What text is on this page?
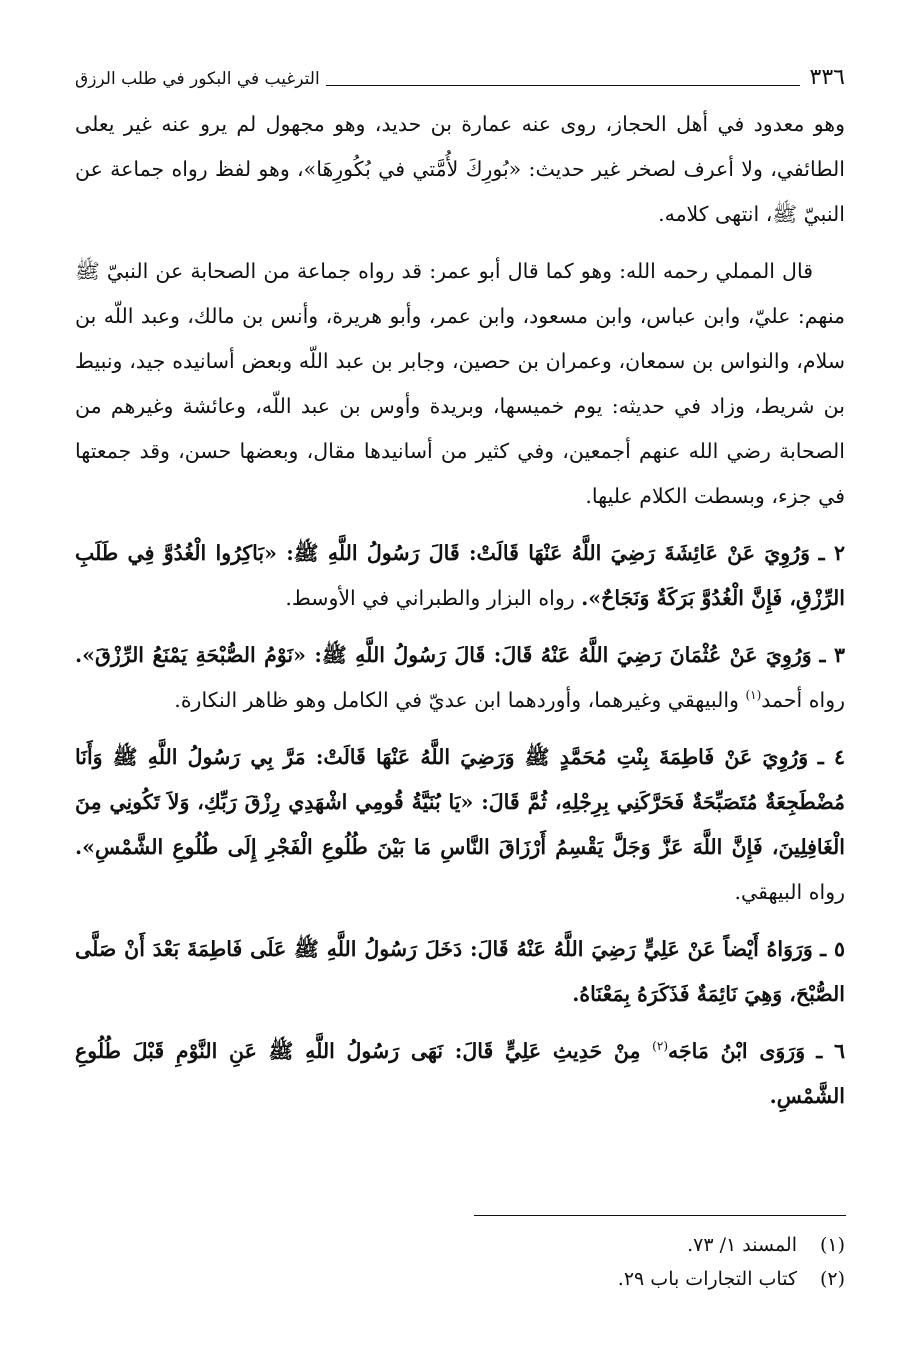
٣٣٦
الترغيب في البكور في طلب الرزق

وهو معدود في أهل الحجاز، روى عنه عمارة بن حديد، وهو مجهول لم يرو عنه غير يعلى الطائفي، ولا أعرف لصخر غير حديث: «بُورِكَ لأُمَّتي في بُكُورِهَا»، وهو لفظ رواه جماعة عن النبيّ ﷺ، انتهى كلامه.

قال المملي رحمه الله: وهو كما قال أبو عمر: قد رواه جماعة من الصحابة عن النبيّ ﷺ منهم: عليّ، وابن عباس، وابن مسعود، وابن عمر، وأبو هريرة، وأنس بن مالك، وعبد اللّه بن سلام، والنواس بن سمعان، وعمران بن حصين، وجابر بن عبد اللّه وبعض أسانيده جيد، ونبيط بن شريط، وزاد في حديثه: يوم خميسها، وبريدة وأوس بن عبد اللّه، وعائشة وغيرهم من الصحابة رضي الله عنهم أجمعين، وفي كثير من أسانيدها مقال، وبعضها حسن، وقد جمعتها في جزء، وبسطت الكلام عليها.

٢ ـ وَرُوِيَ عَنْ عَائِشَةَ رَضِيَ اللَّهُ عَنْهَا قَالَتْ: قَالَ رَسُولُ اللَّهِ ﷺ: «بَاكِرُوا الْغُدُوَّ فِي طَلَبِ الرِّزْقِ، فَإِنَّ الْغُدُوَّ بَرَكَةٌ وَنَجَاحٌ». رواه البزار والطبراني في الأوسط.

٣ ـ وَرُوِيَ عَنْ عُثْمَانَ رَضِيَ اللَّهُ عَنْهُ قَالَ: قَالَ رَسُولُ اللَّهِ ﷺ: «نَوْمُ الصُّبْحَةِ يَمْنَعُ الرِّزْقَ». رواه أحمد$^{(١)}$ والبيهقي وغيرهما، وأوردهما ابن عديّ في الكامل وهو ظاهر النكارة.

٤ ـ وَرُوِيَ عَنْ فَاطِمَةَ بِنْتِ مُحَمَّدٍ ﷺ وَرَضِيَ اللَّهُ عَنْهَا قَالَتْ: مَرَّ بِي رَسُولُ اللَّهِ ﷺ وَأَنَا مُضْطَجِعَةٌ مُتَصَبِّحَةٌ فَحَرَّكَنِي بِرِجْلِهِ، ثُمَّ قَالَ: «يَا بُنَيَّةُ قُومِي اشْهَدِي رِزْقَ رَبِّكِ، وَلاَ تَكُونِي مِنَ الْغَافِلِينَ، فَإِنَّ اللَّهَ عَزَّ وَجَلَّ يَقْسِمُ أَرْزَاقَ النَّاسِ مَا بَيْنَ طُلُوعِ الْفَجْرِ إِلَى طُلُوعِ الشَّمْسِ». رواه البيهقي.

٥ ـ وَرَوَاهُ أَيْضاً عَنْ عَلِيٍّ رَضِيَ اللَّهُ عَنْهُ قَالَ: دَخَلَ رَسُولُ اللَّهِ ﷺ عَلَى فَاطِمَةَ بَعْدَ أَنْ صَلَّى الصُّبْحَ، وَهِيَ نَائِمَةٌ فَذَكَرَهُ بِمَعْنَاهُ.

٦ ـ وَرَوَى ابْنُ مَاجَه$^{(٢)}$ مِنْ حَدِيثِ عَلِيٍّ قَالَ: نَهَى رَسُولُ اللَّهِ ﷺ عَنِ النَّوْمِ قَبْلَ طُلُوعِ الشَّمْسِ.

(١)المسند ١/ ٧٣.
(٢)كتاب التجارات باب ٢٩.
